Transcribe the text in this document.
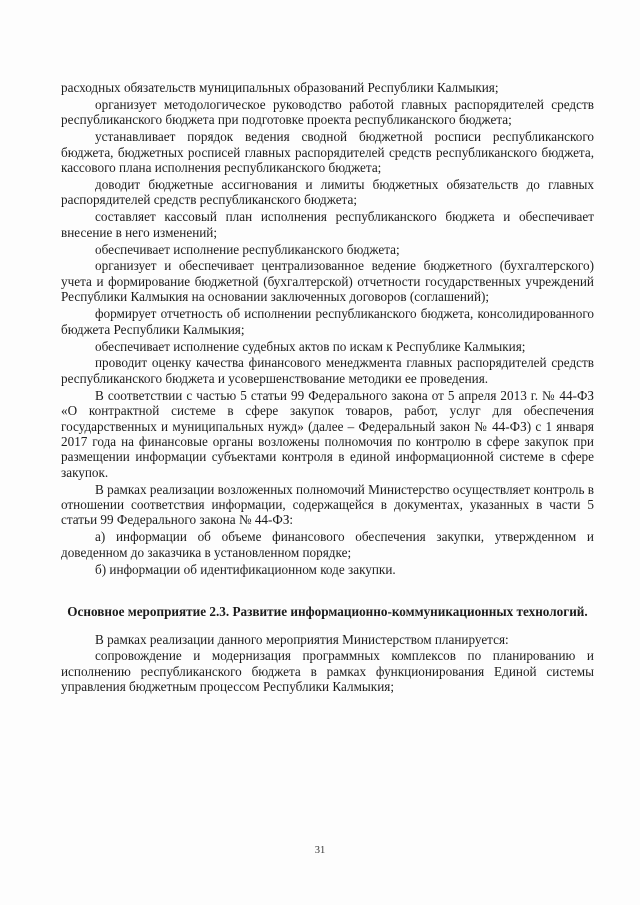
расходных обязательств муниципальных образований Республики Калмыкия;

организует методологическое руководство работой главных распорядителей средств республиканского бюджета при подготовке проекта республиканского бюджета;

устанавливает порядок ведения сводной бюджетной росписи республиканского бюджета, бюджетных росписей главных распорядителей средств республиканского бюджета, кассового плана исполнения республиканского бюджета;

доводит бюджетные ассигнования и лимиты бюджетных обязательств до главных распорядителей средств республиканского бюджета;

составляет кассовый план исполнения республиканского бюджета и обеспечивает внесение в него изменений;

обеспечивает исполнение республиканского бюджета;

организует и обеспечивает централизованное ведение бюджетного (бухгалтерского) учета и формирование бюджетной (бухгалтерской) отчетности государственных учреждений Республики Калмыкия на основании заключенных договоров (соглашений);

формирует отчетность об исполнении республиканского бюджета, консолидированного бюджета Республики Калмыкия;

обеспечивает исполнение судебных актов по искам к Республике Калмыкия;

проводит оценку качества финансового менеджмента главных распорядителей средств республиканского бюджета и усовершенствование методики ее проведения.

В соответствии с частью 5 статьи 99 Федерального закона от 5 апреля 2013 г. № 44-ФЗ «О контрактной системе в сфере закупок товаров, работ, услуг для обеспечения государственных и муниципальных нужд» (далее – Федеральный закон № 44-ФЗ) с 1 января 2017 года на финансовые органы возложены полномочия по контролю в сфере закупок при размещении информации субъектами контроля в единой информационной системе в сфере закупок.

В рамках реализации возложенных полномочий Министерство осуществляет контроль в отношении соответствия информации, содержащейся в документах, указанных в части 5 статьи 99 Федерального закона № 44-ФЗ:

а) информации об объеме финансового обеспечения закупки, утвержденном и доведенном до заказчика в установленном порядке;

б) информации об идентификационном коде закупки.

Основное мероприятие 2.3. Развитие информационно-коммуникационных технологий.

В рамках реализации данного мероприятия Министерством планируется:

сопровождение и модернизация программных комплексов по планированию и исполнению республиканского бюджета в рамках функционирования Единой системы управления бюджетным процессом Республики Калмыкия;

31
